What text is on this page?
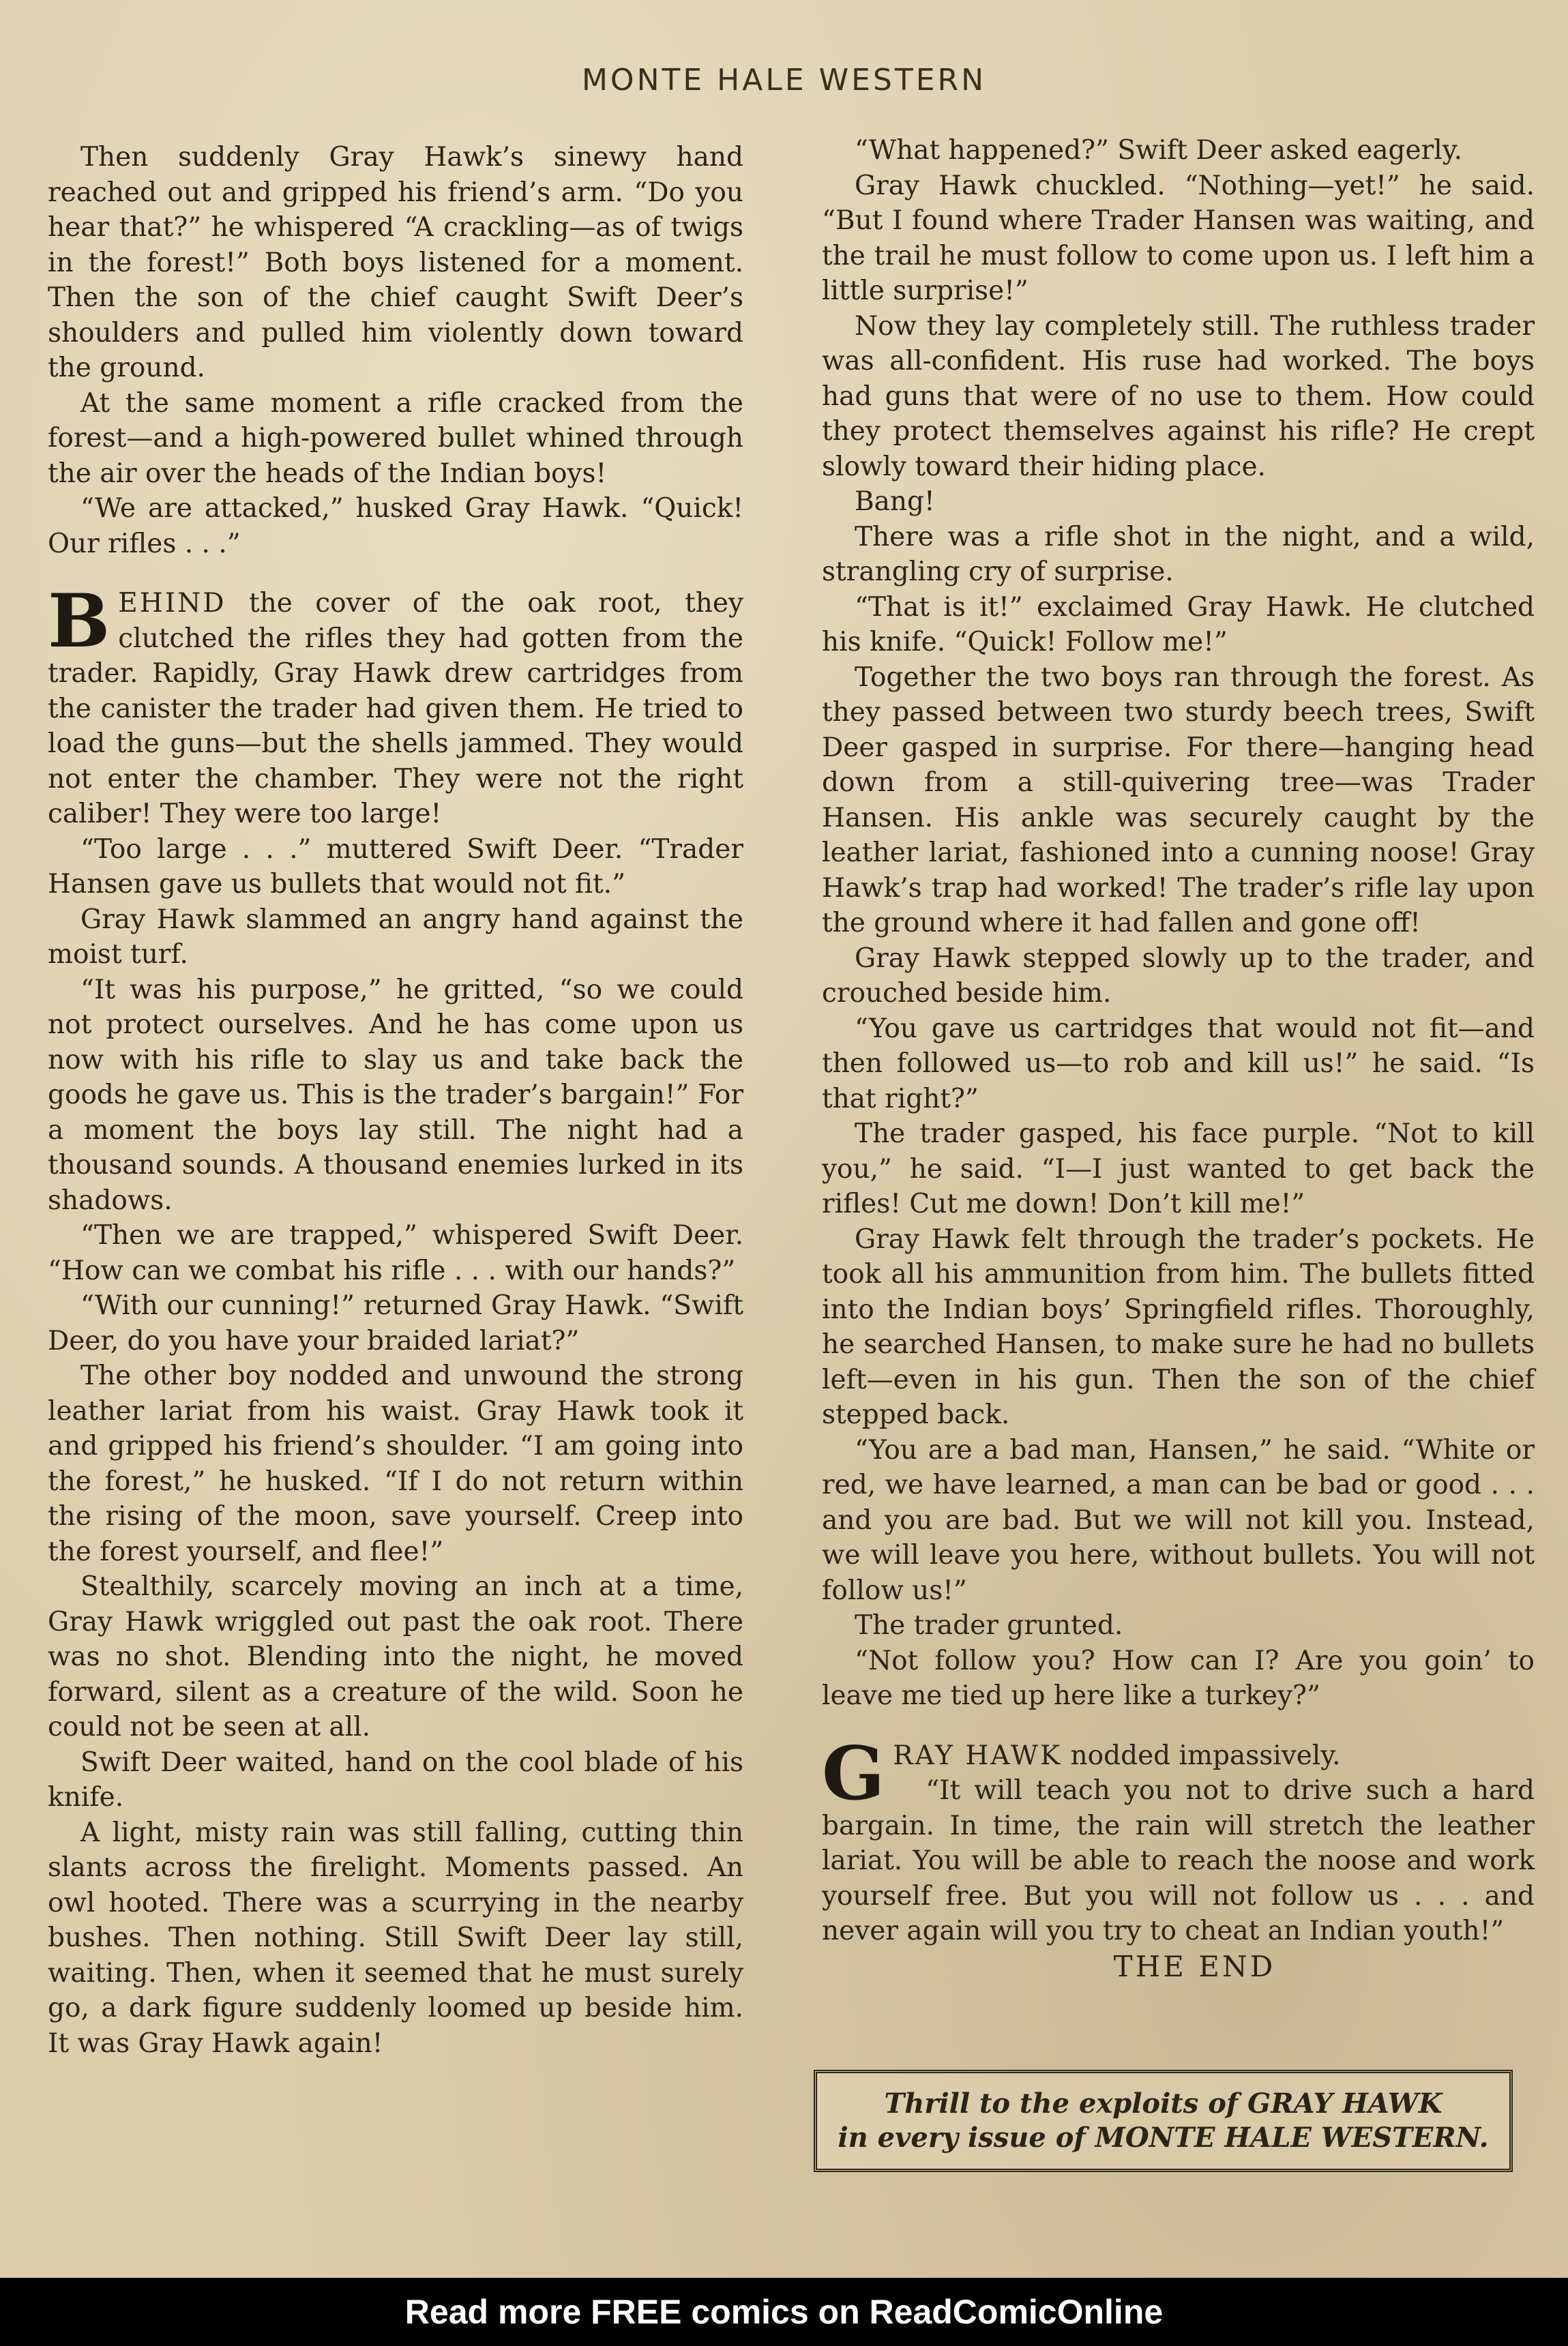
MONTE HALE WESTERN

Then suddenly Gray Hawk’s sinewy hand reached out and gripped his friend’s arm. “Do you hear that?” he whispered “A crackling—as of twigs in the forest!” Both boys listened for a moment. Then the son of the chief caught Swift Deer’s shoulders and pulled him violently down toward the ground.

At the same moment a rifle cracked from the forest—and a high-powered bullet whined through the air over the heads of the Indian boys!

“We are attacked,” husked Gray Hawk. “Quick! Our rifles . . .”

BEHIND the cover of the oak root, they clutched the rifles they had gotten from the trader. Rapidly, Gray Hawk drew cartridges from the canister the trader had given them. He tried to load the guns—but the shells jammed. They would not enter the chamber. They were not the right caliber! They were too large!

“Too large . . .” muttered Swift Deer. “Trader Hansen gave us bullets that would not fit.”

Gray Hawk slammed an angry hand against the moist turf.

“It was his purpose,” he gritted, “so we could not protect ourselves. And he has come upon us now with his rifle to slay us and take back the goods he gave us. This is the trader’s bargain!” For a moment the boys lay still. The night had a thousand sounds. A thousand enemies lurked in its shadows.

“Then we are trapped,” whispered Swift Deer. “How can we combat his rifle . . . with our hands?”

“With our cunning!” returned Gray Hawk. “Swift Deer, do you have your braided lariat?”

The other boy nodded and unwound the strong leather lariat from his waist. Gray Hawk took it and gripped his friend’s shoulder. “I am going into the forest,” he husked. “If I do not return within the rising of the moon, save yourself. Creep into the forest yourself, and flee!”

Stealthily, scarcely moving an inch at a time, Gray Hawk wriggled out past the oak root. There was no shot. Blending into the night, he moved forward, silent as a creature of the wild. Soon he could not be seen at all.

Swift Deer waited, hand on the cool blade of his knife.

A light, misty rain was still falling, cutting thin slants across the firelight. Moments passed. An owl hooted. There was a scurrying in the nearby bushes. Then nothing. Still Swift Deer lay still, waiting. Then, when it seemed that he must surely go, a dark figure suddenly loomed up beside him. It was Gray Hawk again!

“What happened?” Swift Deer asked eagerly.

Gray Hawk chuckled. “Nothing—yet!” he said. “But I found where Trader Hansen was waiting, and the trail he must follow to come upon us. I left him a little surprise!”

Now they lay completely still. The ruthless trader was all-confident. His ruse had worked. The boys had guns that were of no use to them. How could they protect themselves against his rifle? He crept slowly toward their hiding place.

Bang!

There was a rifle shot in the night, and a wild, strangling cry of surprise.

“That is it!” exclaimed Gray Hawk. He clutched his knife. “Quick! Follow me!”

Together the two boys ran through the forest. As they passed between two sturdy beech trees, Swift Deer gasped in surprise. For there—hanging head down from a still-quivering tree—was Trader Hansen. His ankle was securely caught by the leather lariat, fashioned into a cunning noose! Gray Hawk’s trap had worked! The trader’s rifle lay upon the ground where it had fallen and gone off!

Gray Hawk stepped slowly up to the trader, and crouched beside him.

“You gave us cartridges that would not fit—and then followed us—to rob and kill us!” he said. “Is that right?”

The trader gasped, his face purple. “Not to kill you,” he said. “I—I just wanted to get back the rifles! Cut me down! Don’t kill me!”

Gray Hawk felt through the trader’s pockets. He took all his ammunition from him. The bullets fitted into the Indian boys’ Springfield rifles. Thoroughly, he searched Hansen, to make sure he had no bullets left—even in his gun. Then the son of the chief stepped back.

“You are a bad man, Hansen,” he said. “White or red, we have learned, a man can be bad or good . . . and you are bad. But we will not kill you. Instead, we will leave you here, without bullets. You will not follow us!”

The trader grunted.

“Not follow you? How can I? Are you goin’ to leave me tied up here like a turkey?”

GRAY HAWK nodded impassively.

“It will teach you not to drive such a hard bargain. In time, the rain will stretch the leather lariat. You will be able to reach the noose and work yourself free. But you will not follow us . . . and never again will you try to cheat an Indian youth!”

THE END

Thrill to the exploits of GRAY HAWK
in every issue of MONTE HALE WESTERN.
Read more FREE comics on ReadComicOnline
